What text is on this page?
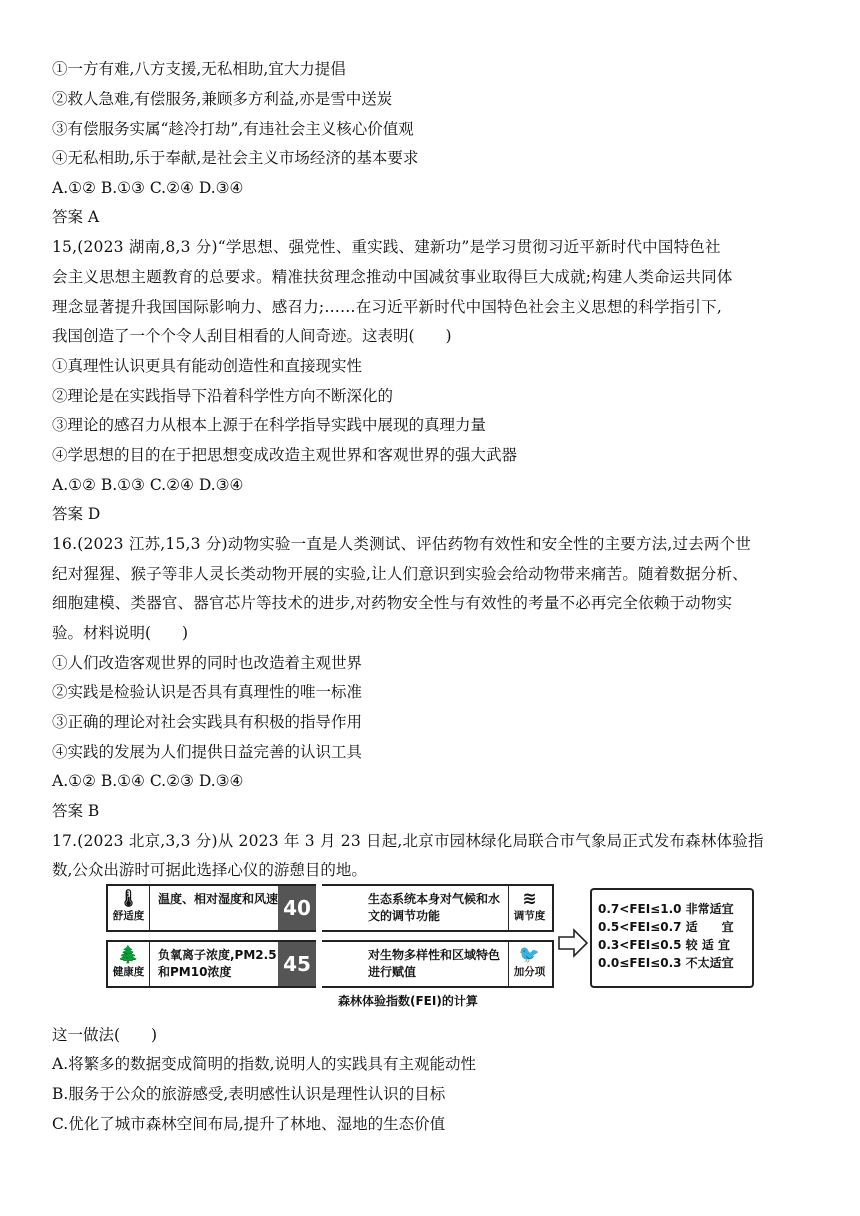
①一方有难,八方支援,无私相助,宜大力提倡
②救人急难,有偿服务,兼顾多方利益,亦是雪中送炭
③有偿服务实属“趁冷打劫”,有违社会主义核心价值观
④无私相助,乐于奉献,是社会主义市场经济的基本要求
A.①② B.①③ C.②④ D.③④
答案 A
15,(2023 湖南,8,3 分)“学思想、强党性、重实践、建新功”是学习贯彻习近平新时代中国特色社
会主义思想主题教育的总要求。精准扶贫理念推动中国减贫事业取得巨大成就;构建人类命运共同体
理念显著提升我国国际影响力、感召力;……在习近平新时代中国特色社会主义思想的科学指引下,
我国创造了一个个令人刮目相看的人间奇迹。这表明(　　)
①真理性认识更具有能动创造性和直接现实性
②理论是在实践指导下沿着科学性方向不断深化的
③理论的感召力从根本上源于在科学指导实践中展现的真理力量
④学思想的目的在于把思想变成改造主观世界和客观世界的强大武器
A.①② B.①③ C.②④ D.③④
答案 D
16.(2023 江苏,15,3 分)动物实验一直是人类测试、评估药物有效性和安全性的主要方法,过去两个世
纪对猩猩、猴子等非人灵长类动物开展的实验,让人们意识到实验会给动物带来痛苦。随着数据分析、
细胞建模、类器官、器官芯片等技术的进步,对药物安全性与有效性的考量不必再完全依赖于动物实
验。材料说明(　　)
①人们改造客观世界的同时也改造着主观世界
②实践是检验认识是否具有真理性的唯一标准
③正确的理论对社会实践具有积极的指导作用
④实践的发展为人们提供日益完善的认识工具
A.①② B.①④ C.②③ D.③④
答案 B
17.(2023 北京,3,3 分)从 2023 年 3 月 23 日起,北京市园林绿化局联合市气象局正式发布森林体验指
数,公众出游时可据此选择心仪的游憩目的地。
🌡
舒适度
温度、相对湿度和风速 40
🌲
健康度
负氧离子浓度,PM2.5和PM10浓度	45
生态系统本身对气候和水文的调节功能
≋
调节度
对生物多样性和区域特色进行赋值
🐦
加分项
0.7<FEI≤1.0 非常适宜
0.5<FEI≤0.7 适　　宜
0.3<FEI≤0.5 较 适 宜
0.0≤FEI≤0.3 不太适宜
森林体验指数(FEI)的计算
这一做法(　　)
A.将繁多的数据变成简明的指数,说明人的实践具有主观能动性
B.服务于公众的旅游感受,表明感性认识是理性认识的目标
C.优化了城市森林空间布局,提升了林地、湿地的生态价值
